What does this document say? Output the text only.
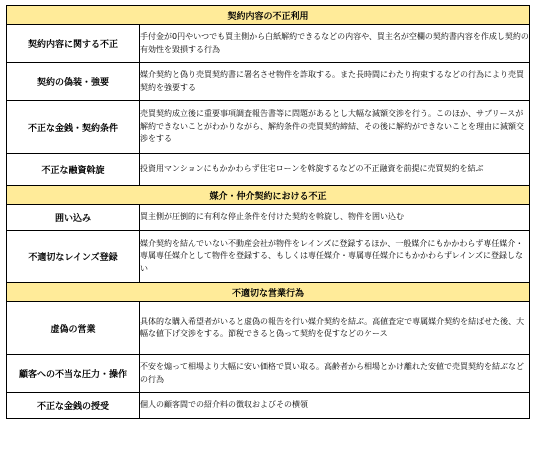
契約内容の不正利用	
契約内容に関する不正	手付金が0円やいつでも買主側から白紙解約できるなどの内容や、買主名が空欄の契約書内容を作成し契約の有効性を毀損する行為
契約の偽装・強要	媒介契約と偽り売買契約書に署名させ物件を詐取する。また長時間にわたり拘束するなどの行為により売買契約を強要する
不正な金銭・契約条件	売買契約成立後に重要事項調査報告書等に問題があるとし大幅な減額交渉を行う。このほか、サブリースが解約できないことがわかりながら、解約条件の売買契約締結、その後に解約ができないことを理由に減額交渉をする
不正な融資斡旋	投資用マンションにもかかわらず住宅ローンを斡旋するなどの不正融資を前提に売買契約を結ぶ
媒介・仲介契約における不正	
囲い込み	買主側が圧倒的に有利な停止条件を付けた契約を斡旋し、物件を囲い込む
不適切なレインズ登録	媒介契約を結んでいない不動産会社が物件をレインズに登録するほか、一般媒介にもかかわらず専任媒介・専属専任媒介として物件を登録する、もしくは専任媒介・専属専任媒介にもかかわらずレインズに登録しない
不適切な営業行為	
虚偽の営業	具体的な購入希望者がいると虚偽の報告を行い媒介契約を結ぶ。高値査定で専属媒介契約を結ばせた後、大幅な値下げ交渉をする。節税できると偽って契約を促すなどのケース
顧客への不当な圧力・操作	不安を煽って相場より大幅に安い価格で買い取る。高齢者から相場とかけ離れた安値で売買契約を結ぶなどの行為
不正な金銭の授受	個人の顧客間での紹介料の徴収およびその横領
